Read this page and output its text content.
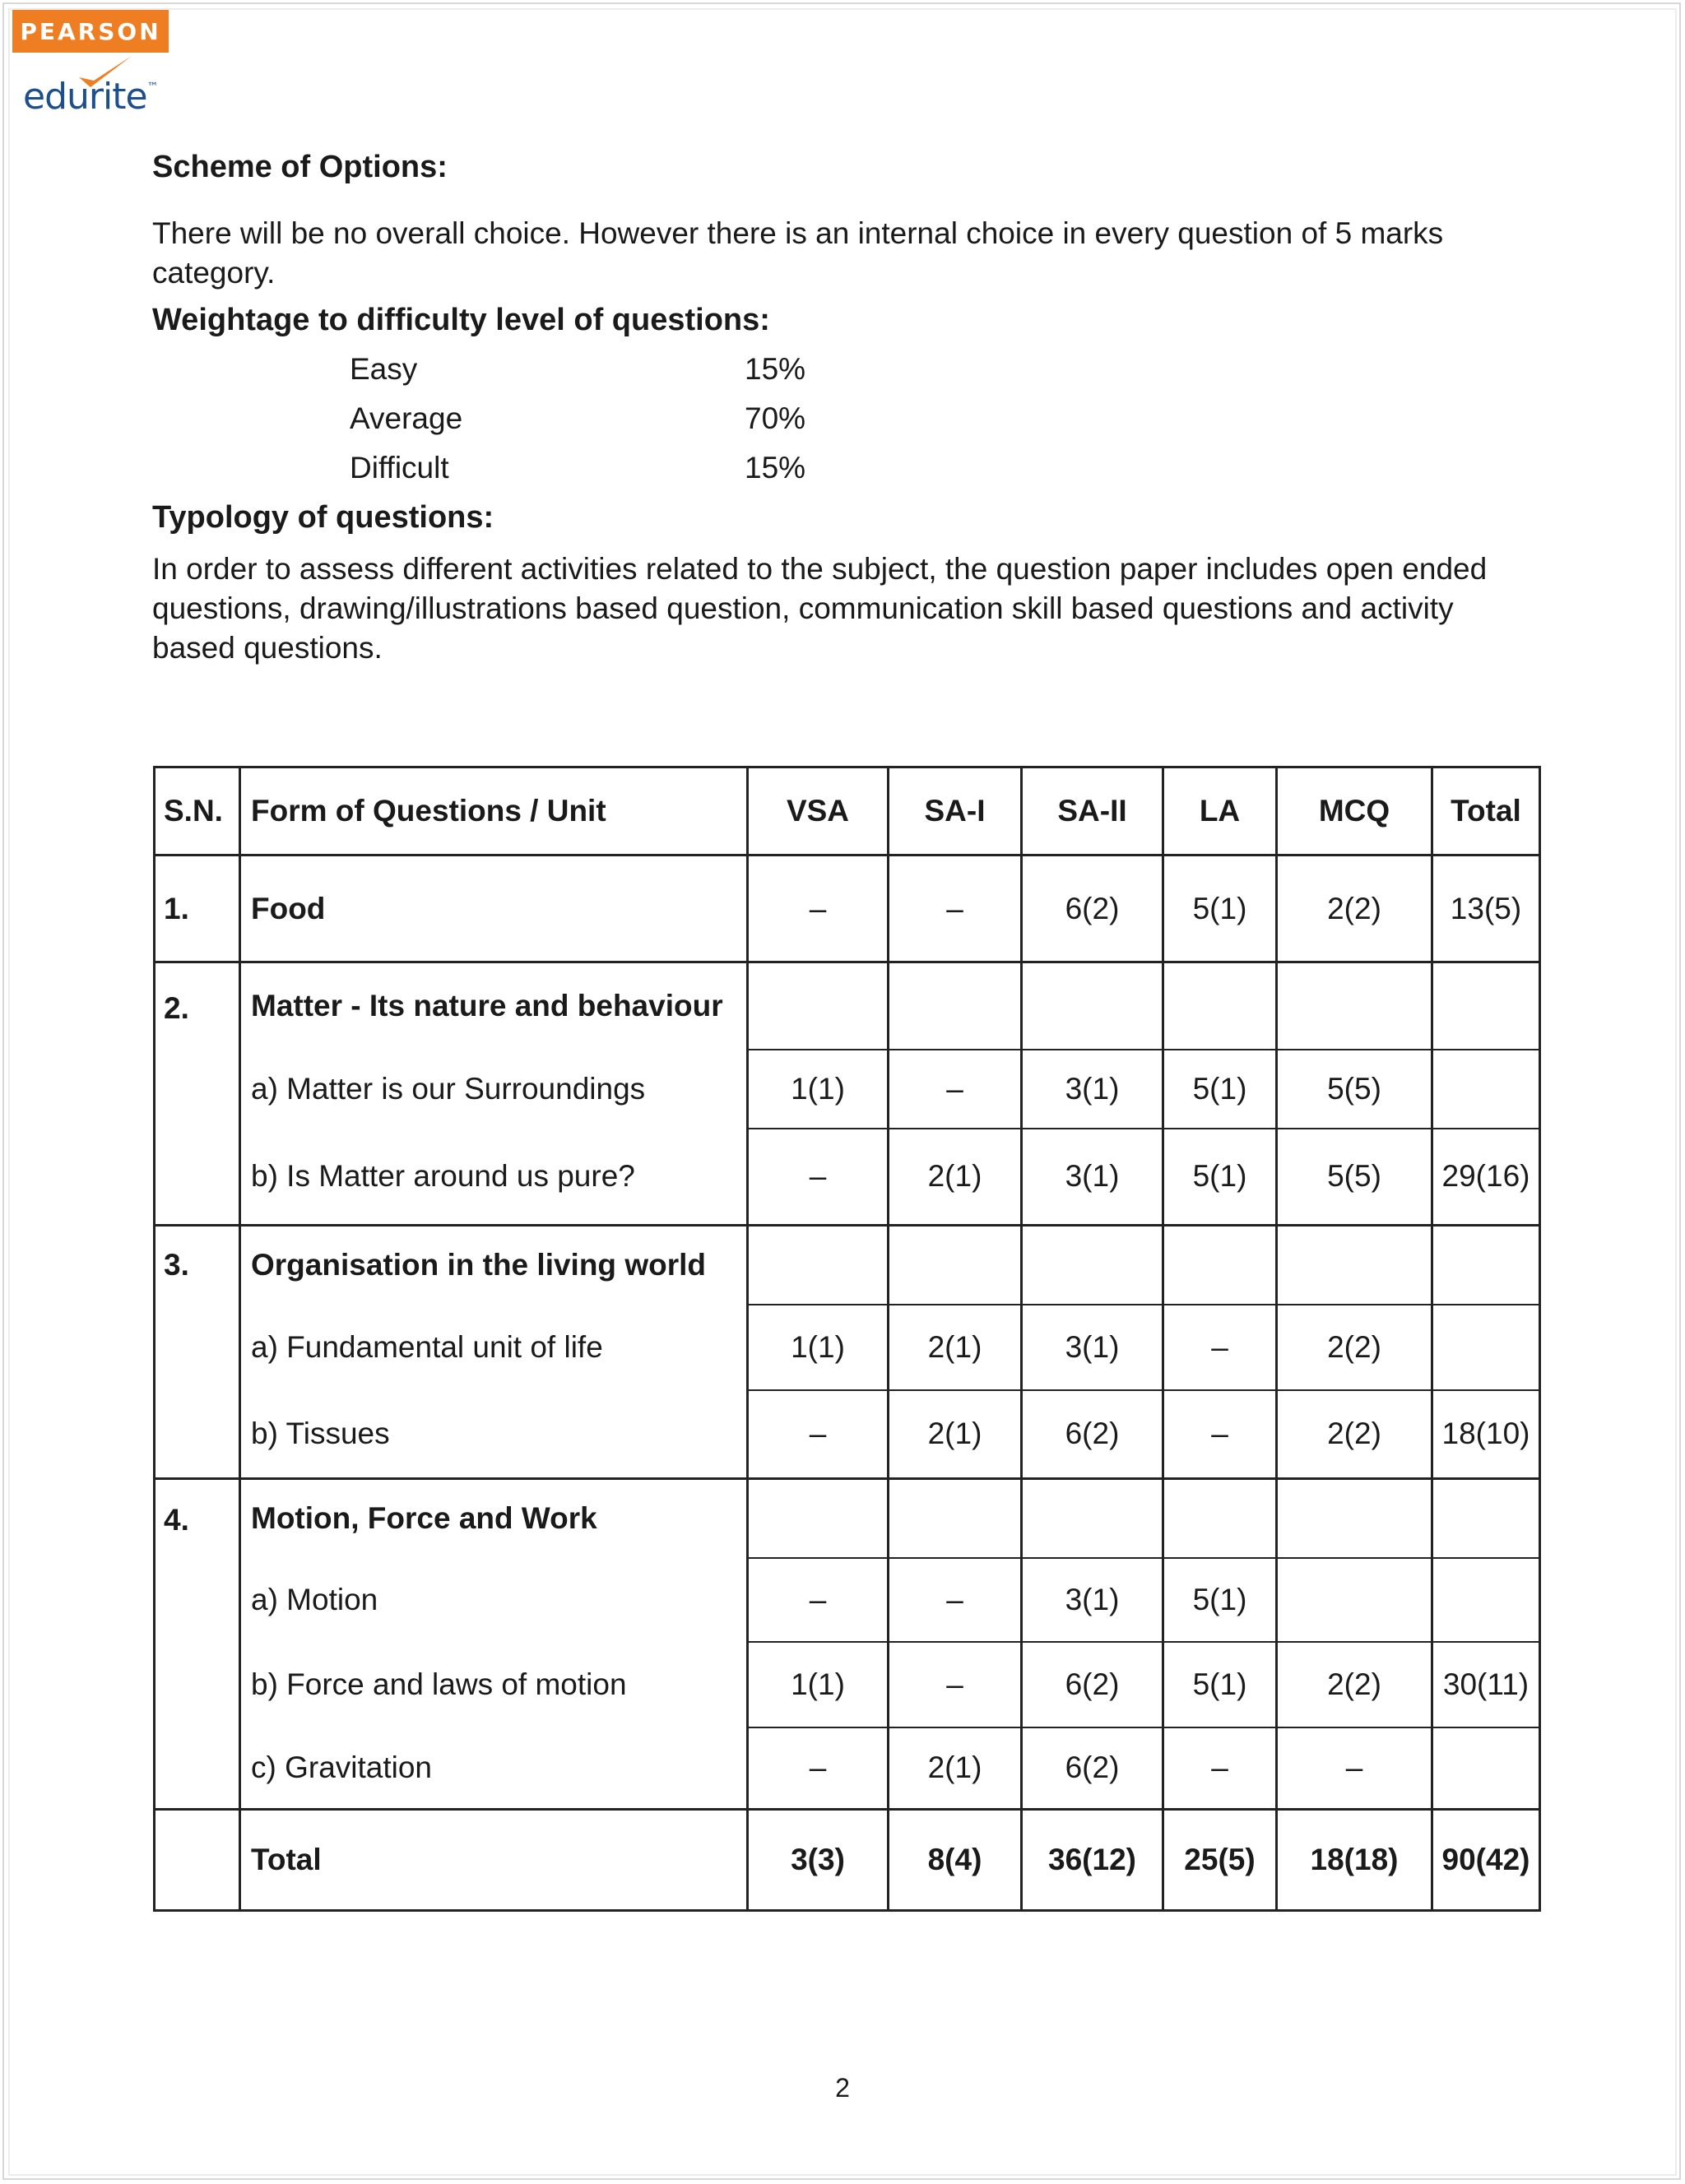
PEARSON
edurite™
Scheme of Options:

There will be no overall choice. However there is an internal choice in every question of 5 marks category.

Weightage to difficulty level of questions:
Easy	15%
Average	70%
Difficult	15%
Typology of questions:

In order to assess different activities related to the subject, the question paper includes open ended questions, drawing/illustrations based question, communication skill based questions and activity based questions.

S.N.	Form of Questions / Unit	VSA	SA-I	SA-II	LA	MCQ	Total
1.	Food	–	–	6(2)	5(1)	2(2)	13(5)
2.	Matter - Its nature and behaviour						
	a) Matter is our Surroundings	1(1)	–	3(1)	5(1)	5(5)	
	b) Is Matter around us pure?	–	2(1)	3(1)	5(1)	5(5)	29(16)
3.	Organisation in the living world						
	a) Fundamental unit of life	1(1)	2(1)	3(1)	–	2(2)	
	b) Tissues	–	2(1)	6(2)	–	2(2)	18(10)
4.	Motion, Force and Work						
	a) Motion	–	–	3(1)	5(1)		
	b) Force and laws of motion	1(1)	–	6(2)	5(1)	2(2)	30(11)
	c) Gravitation	–	2(1)	6(2)	–	–	
	Total	3(3)	8(4)	36(12)	25(5)	18(18)	90(42)
2
